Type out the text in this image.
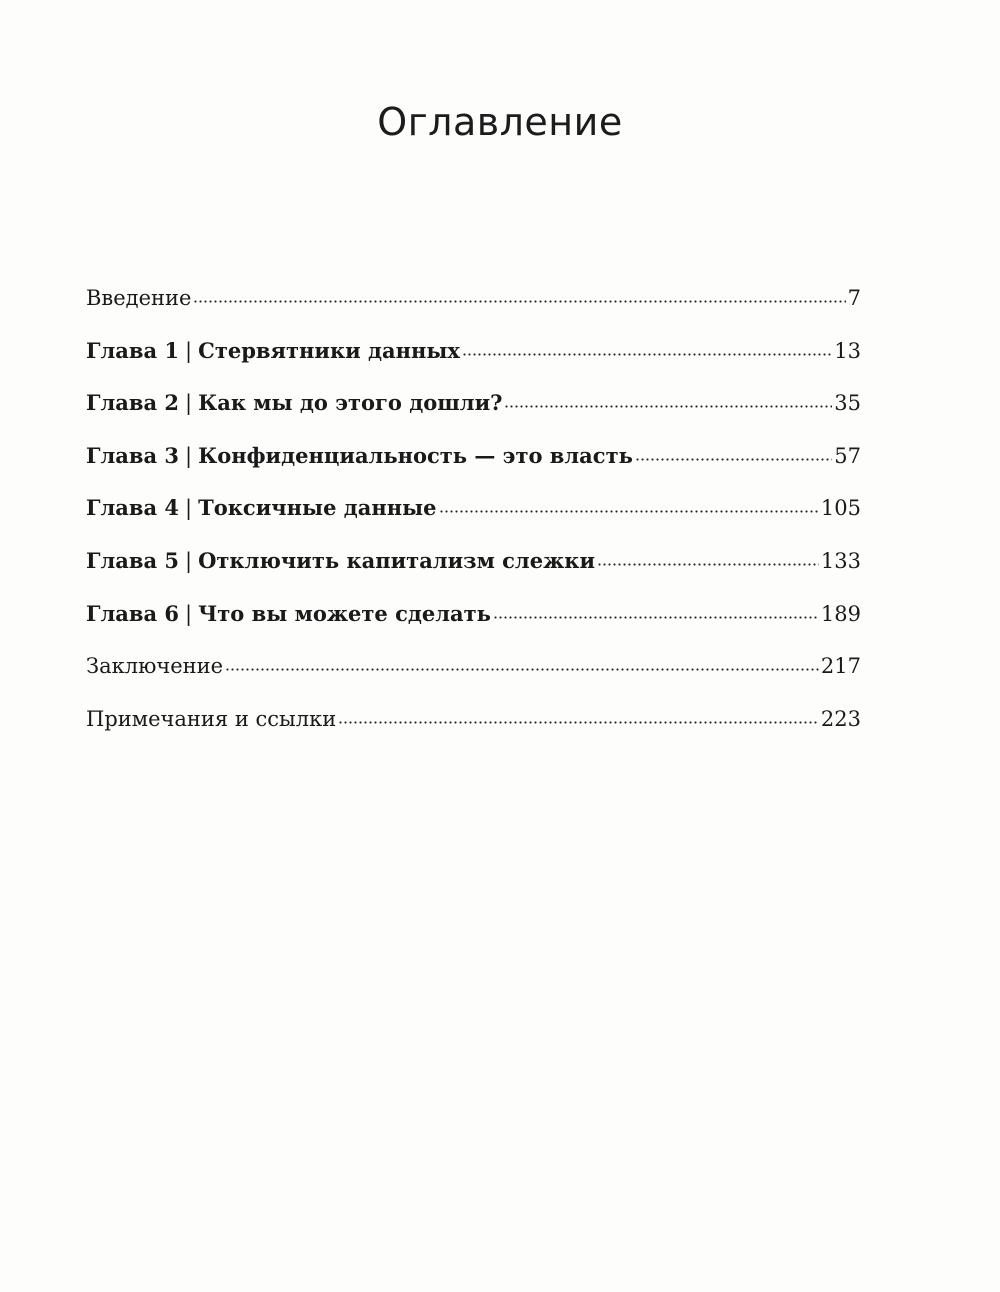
Оглавление
Введение	7
Глава 1 | Стервятники данных	13
Глава 2 | Как мы до этого дошли?	35
Глава 3 | Конфиденциальность — это власть	57
Глава 4 | Токсичные данные	105
Глава 5 | Отключить капитализм слежки	133
Глава 6 | Что вы можете сделать	189
Заключение	217
Примечания и ссылки	223
